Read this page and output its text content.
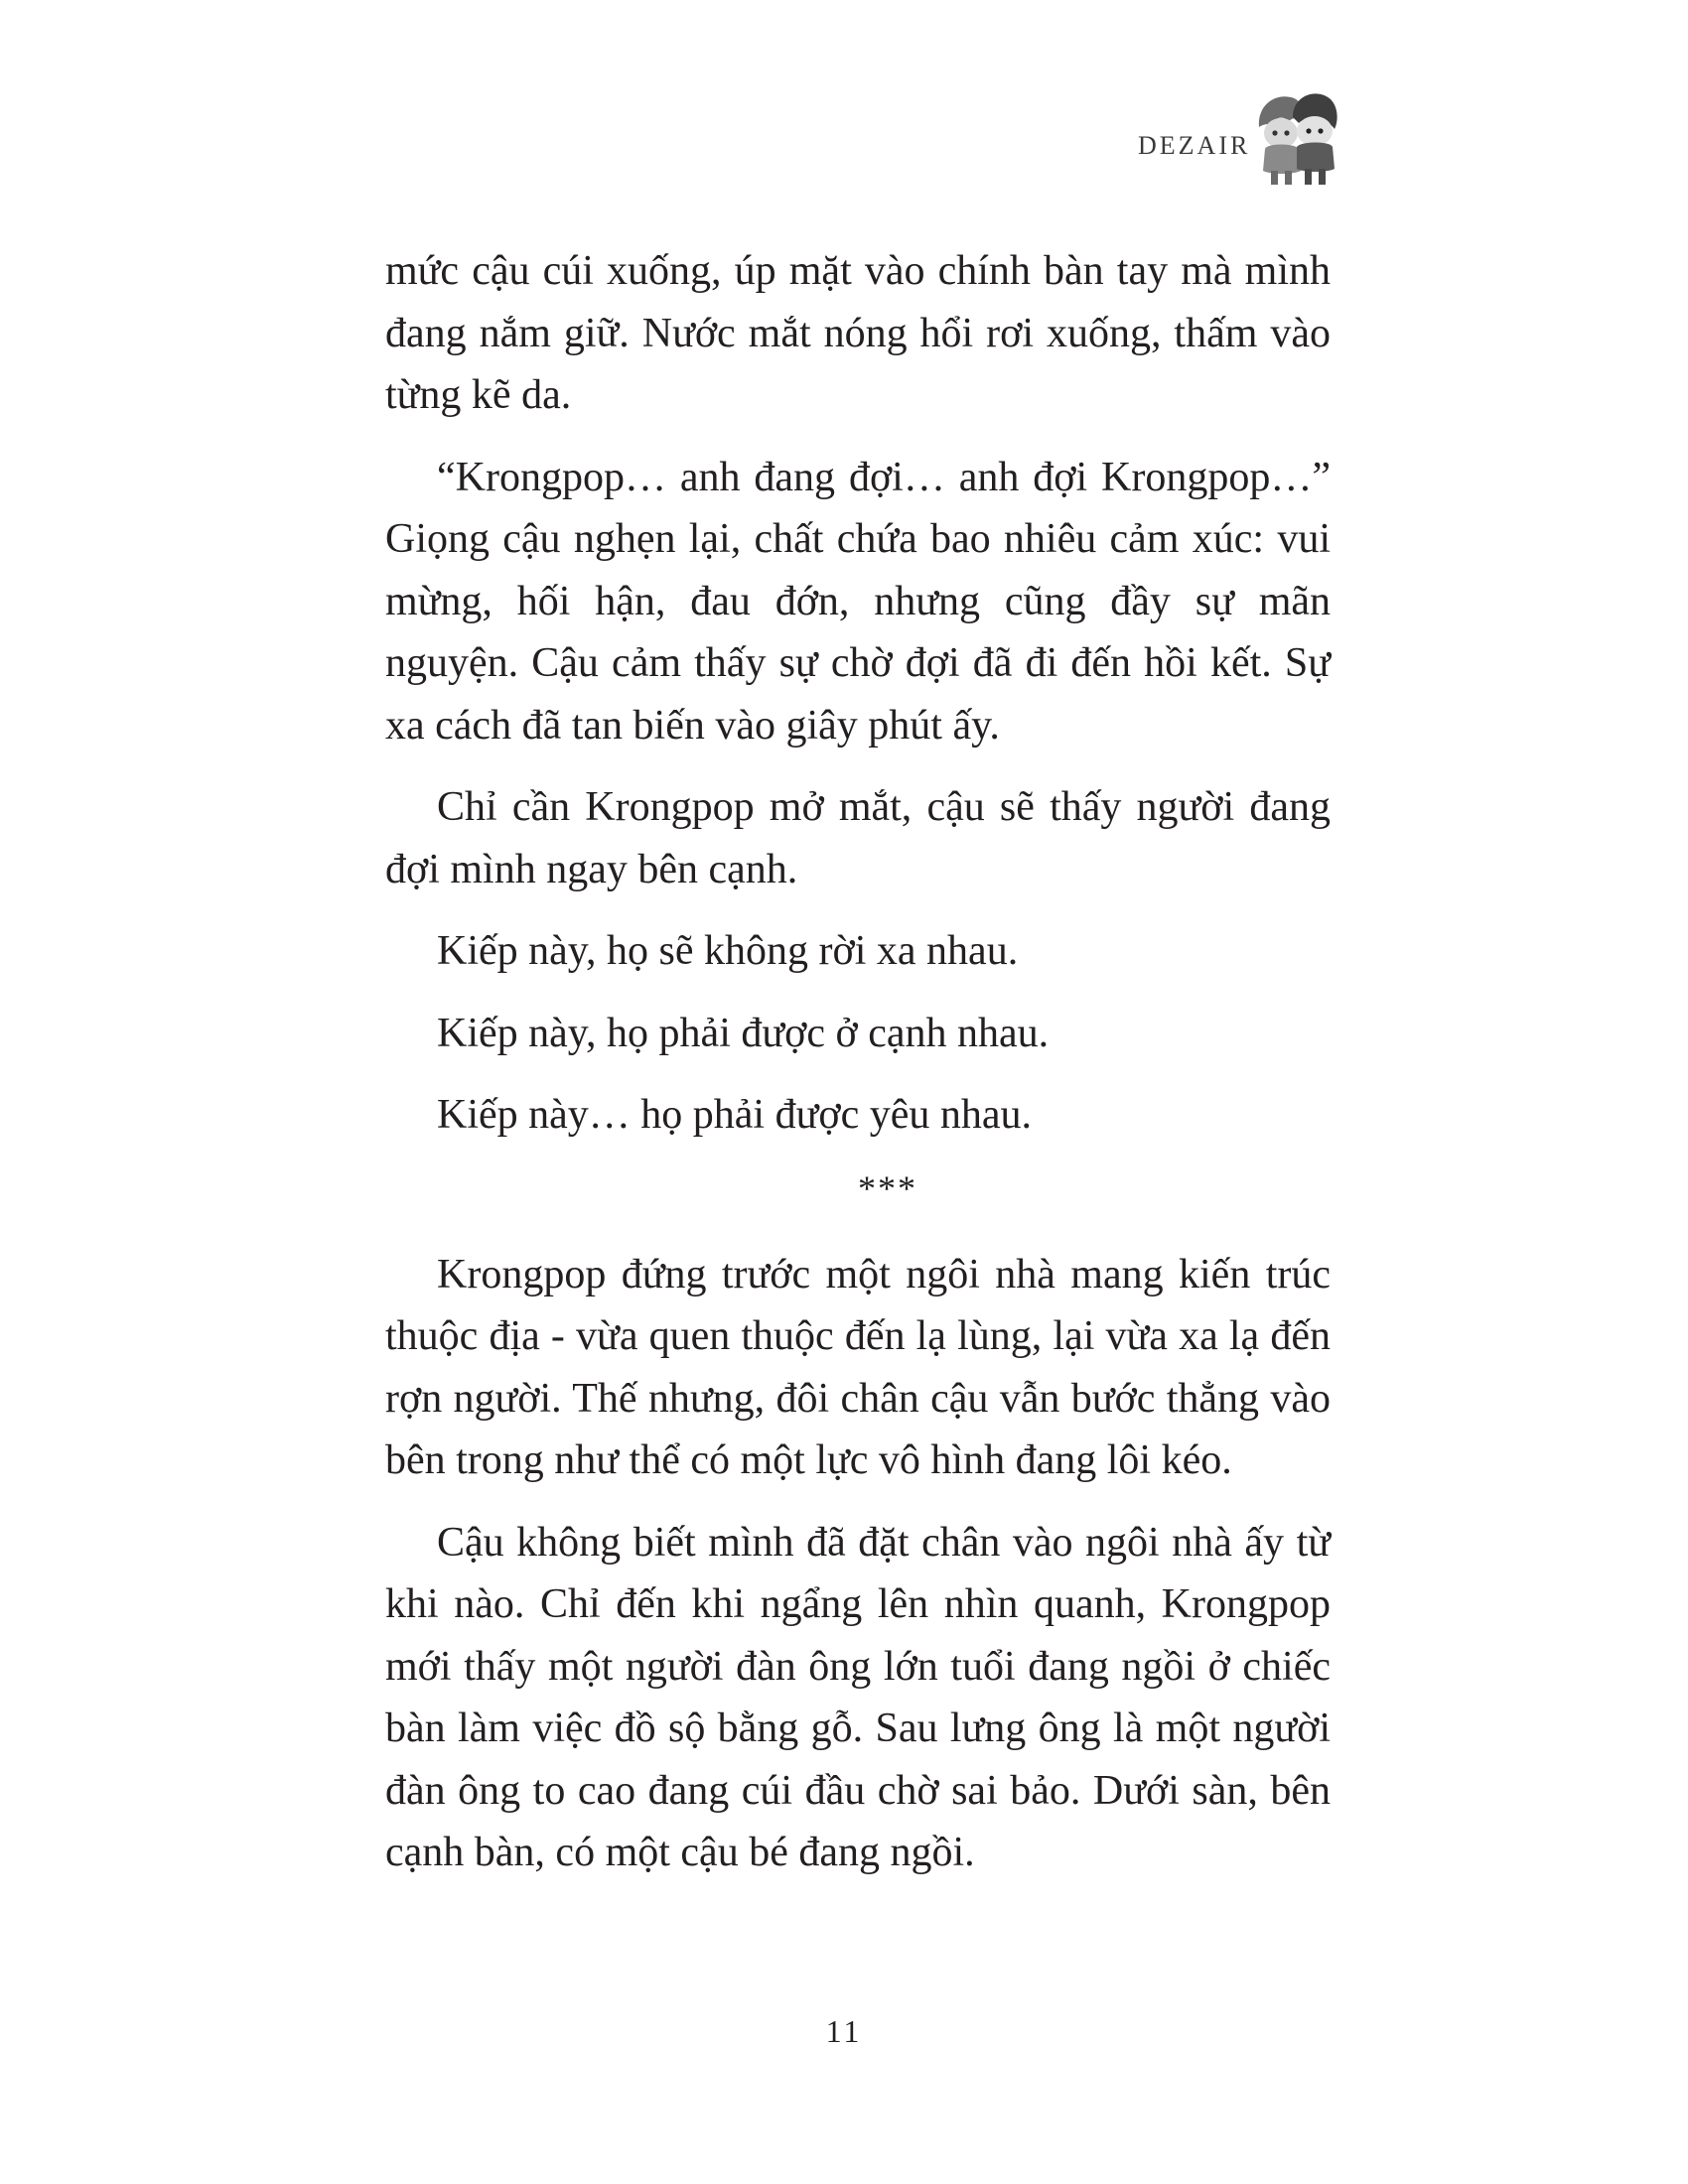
DEZAIR

mức cậu cúi xuống, úp mặt vào chính bàn tay mà mình đang nắm giữ. Nước mắt nóng hổi rơi xuống, thấm vào từng kẽ da.

“Krongpop… anh đang đợi… anh đợi Krongpop…” Giọng cậu nghẹn lại, chất chứa bao nhiêu cảm xúc: vui mừng, hối hận, đau đớn, nhưng cũng đầy sự mãn nguyện. Cậu cảm thấy sự chờ đợi đã đi đến hồi kết. Sự xa cách đã tan biến vào giây phút ấy.

Chỉ cần Krongpop mở mắt, cậu sẽ thấy người đang đợi mình ngay bên cạnh.

Kiếp này, họ sẽ không rời xa nhau.

Kiếp này, họ phải được ở cạnh nhau.

Kiếp này… họ phải được yêu nhau.

***

Krongpop đứng trước một ngôi nhà mang kiến trúc thuộc địa - vừa quen thuộc đến lạ lùng, lại vừa xa lạ đến rợn người. Thế nhưng, đôi chân cậu vẫn bước thẳng vào bên trong như thể có một lực vô hình đang lôi kéo.

Cậu không biết mình đã đặt chân vào ngôi nhà ấy từ khi nào. Chỉ đến khi ngẩng lên nhìn quanh, Krongpop mới thấy một người đàn ông lớn tuổi đang ngồi ở chiếc bàn làm việc đồ sộ bằng gỗ. Sau lưng ông là một người đàn ông to cao đang cúi đầu chờ sai bảo. Dưới sàn, bên cạnh bàn, có một cậu bé đang ngồi.

11
